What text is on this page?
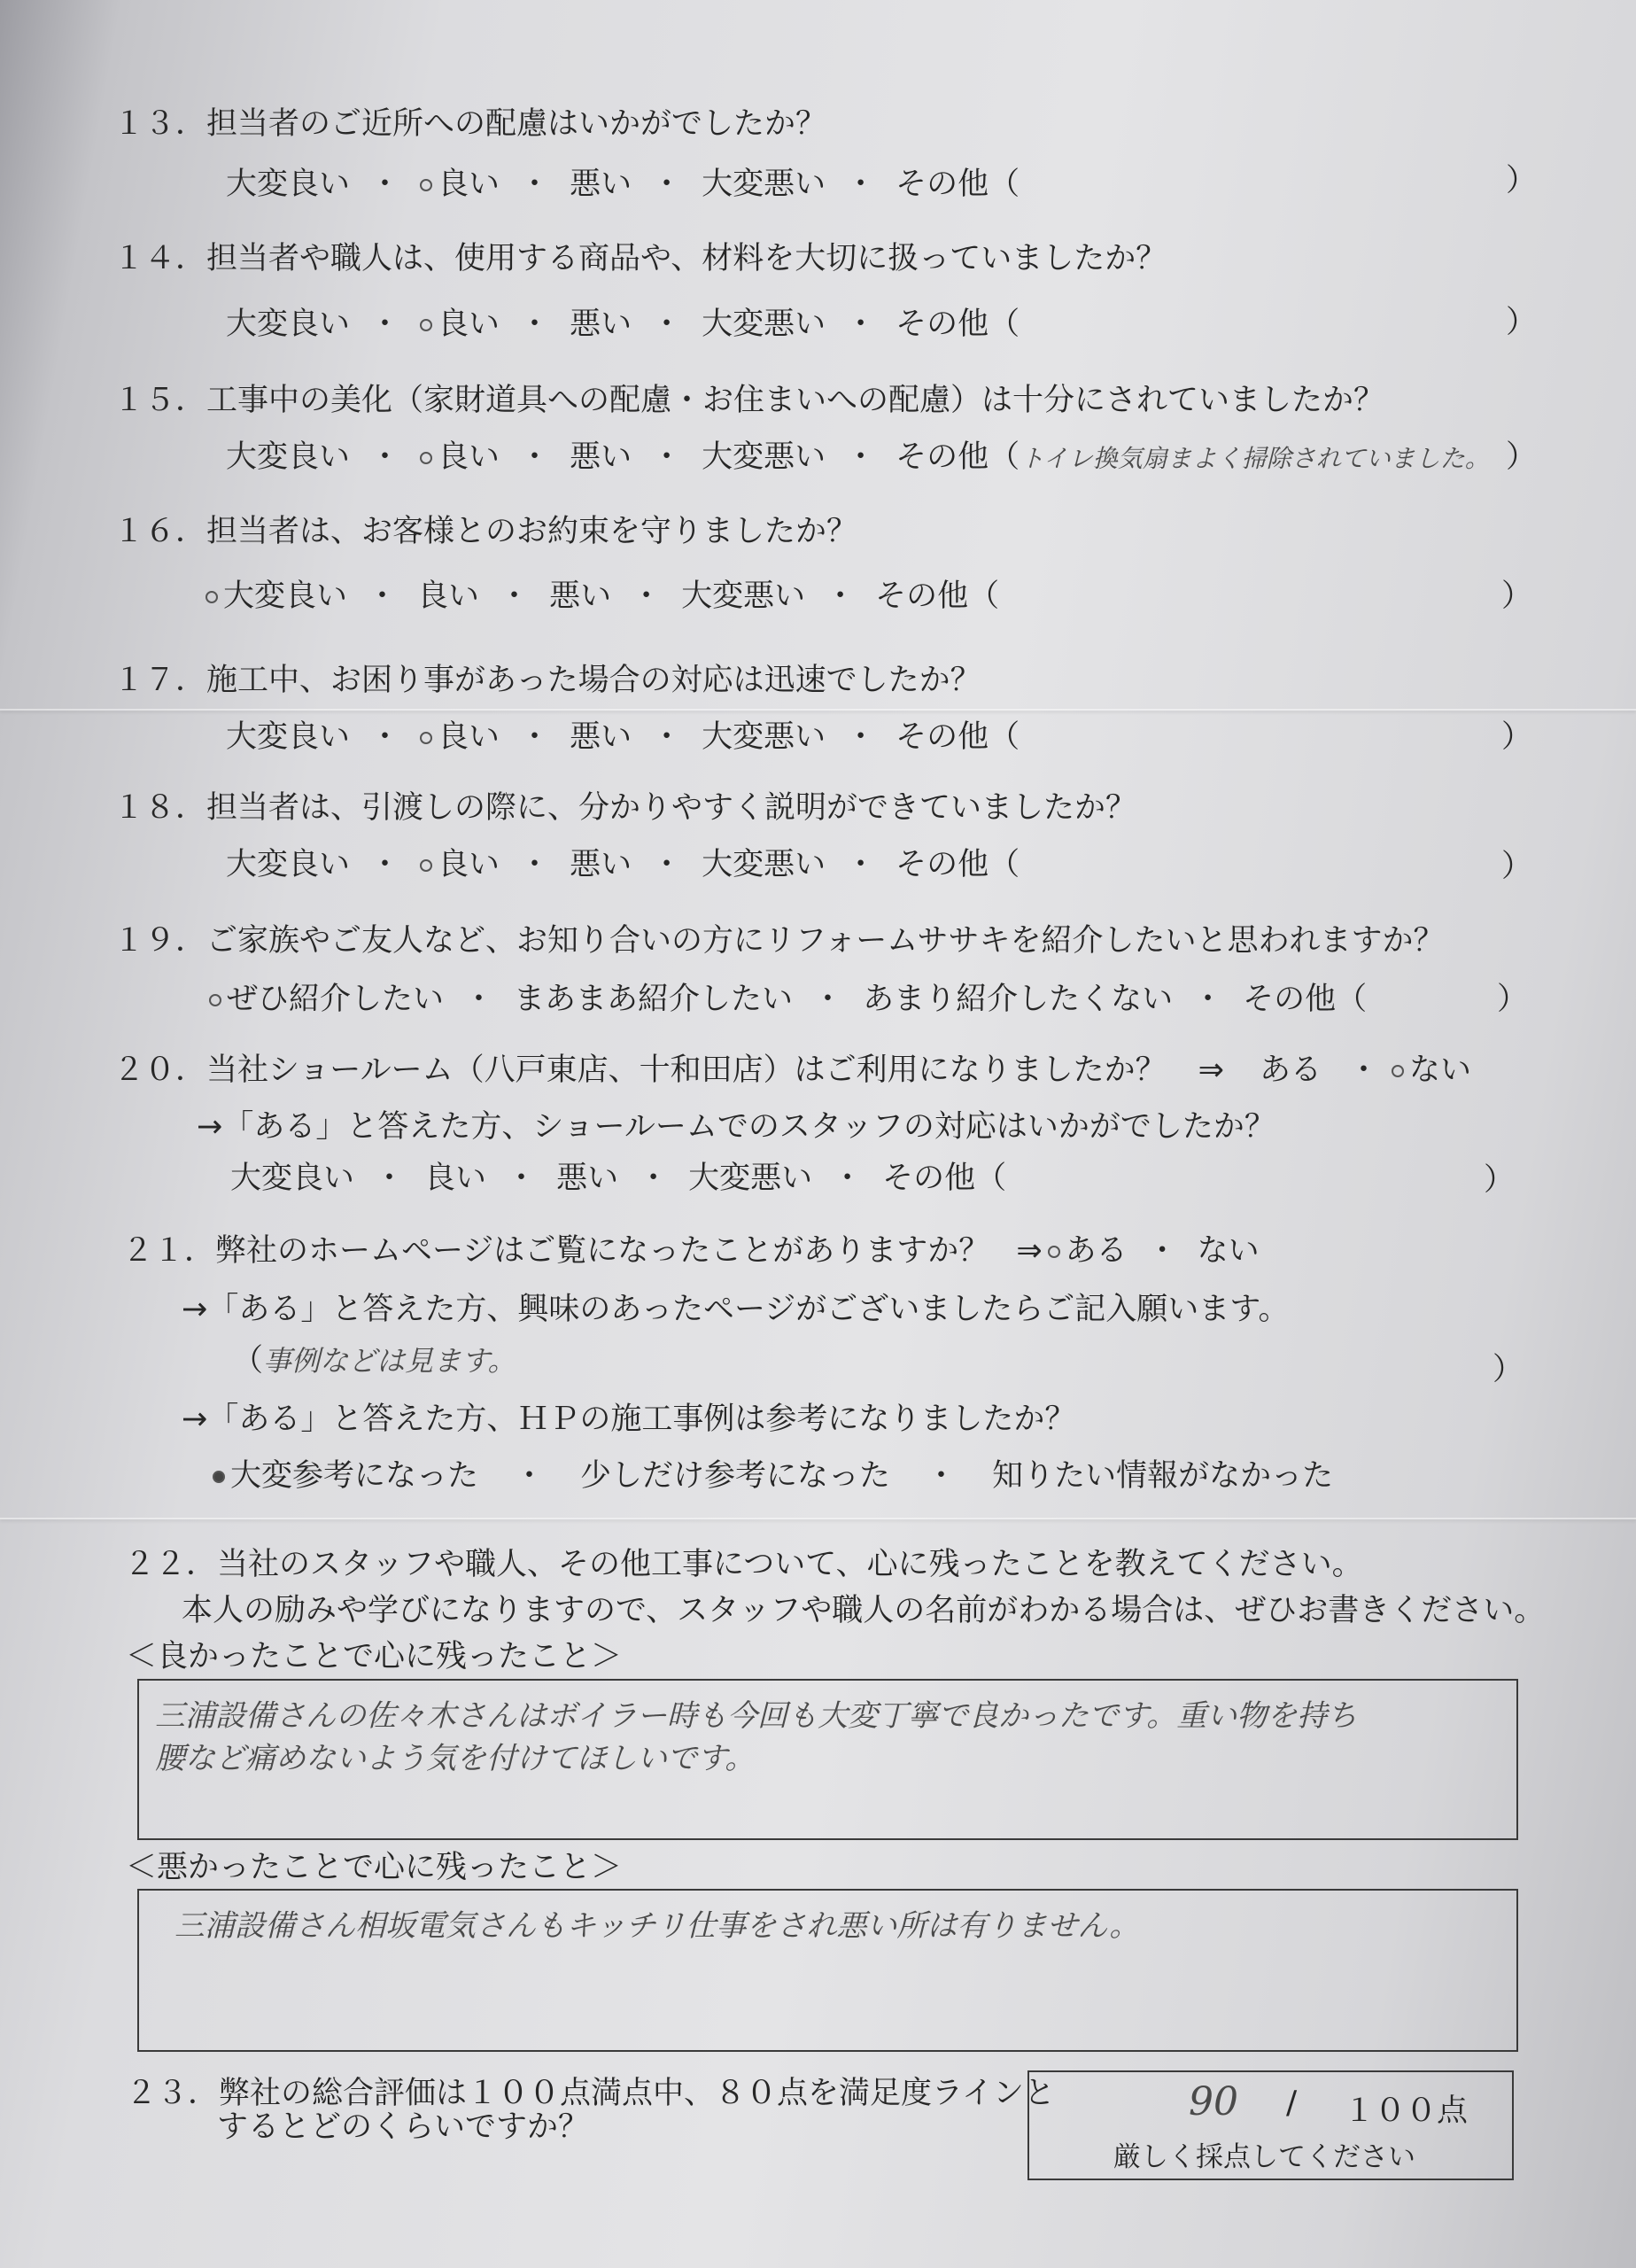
１３．担当者のご近所への配慮はいかがでしたか？
大変良い ・ 良い ・ 悪い ・ 大変悪い ・ その他（	）
１４．担当者や職人は、使用する商品や、材料を大切に扱っていましたか？
大変良い ・ 良い ・ 悪い ・ 大変悪い ・ その他（	）
１５．工事中の美化（家財道具への配慮・お住まいへの配慮）は十分にされていましたか？
大変良い ・ 良い ・ 悪い ・ 大変悪い ・ その他（トイレ換気扇まよく掃除されていました。 ）
１６．担当者は、お客様とのお約束を守りましたか？
大変良い ・ 良い ・ 悪い ・ 大変悪い ・ その他（	）
１７．施工中、お困り事があった場合の対応は迅速でしたか？
大変良い ・ 良い ・ 悪い ・ 大変悪い ・ その他（	）
１８．担当者は、引渡しの際に、分かりやすく説明ができていましたか？
大変良い ・ 良い ・ 悪い ・ 大変悪い ・ その他（	）
１９．ご家族やご友人など、お知り合いの方にリフォームササキを紹介したいと思われますか？
ぜひ紹介したい ・ まあまあ紹介したい ・ あまり紹介したくない ・ その他（	）
２０．当社ショールーム（八戸東店、十和田店）はご利用になりましたか？ ⇒ ある ・ ない
→「ある」と答えた方、ショールームでのスタッフの対応はいかがでしたか？
大変良い ・ 良い ・ 悪い ・ 大変悪い ・ その他（	）
２１．弊社のホームページはご覧になったことがありますか？ ⇒ ある ・ ない
→「ある」と答えた方、興味のあったページがございましたらご記入願います。
（事例などは見ます。	）
→「ある」と答えた方、ＨＰの施工事例は参考になりましたか？
大変参考になった ・ 少しだけ参考になった ・ 知りたい情報がなかった
２２．当社のスタッフや職人、その他工事について、心に残ったことを教えてください。
本人の励みや学びになりますので、スタッフや職人の名前がわかる場合は、ぜひお書きください。
＜良かったことで心に残ったこと＞
三浦設備さんの佐々木さんはボイラー時も今回も大変丁寧で良かったです。重い物を持ち
腰など痛めないよう気を付けてほしいです。
＜悪かったことで心に残ったこと＞
三浦設備さん相坂電気さんもキッチリ仕事をされ悪い所は有りません。
２３．弊社の総合評価は１００点満点中、８０点を満足度ラインと
するとどのくらいですか？
90 / １００点
厳しく採点してください
